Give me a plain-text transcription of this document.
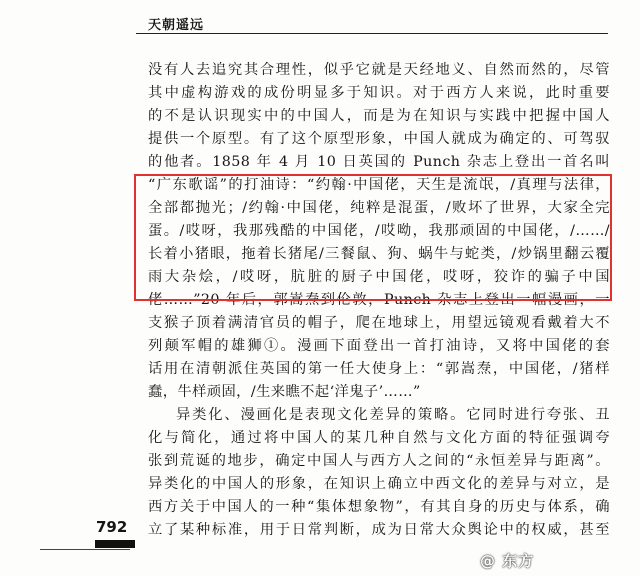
天朝遥远
没有人去追究其合理性，似乎它就是天经地义、自然而然的，尽管
其中虚构游戏的成份明显多于知识。对于西方人来说，此时重要
的不是认识现实中的中国人，而是为在知识与实践中把握中国人
提供一个原型。有了这个原型形象，中国人就成为确定的、可驾驭
的他者。1858 年 4 月 10 日英国的 Punch 杂志上登出一首名叫
“广东歌谣”的打油诗：“约翰·中国佬，天生是流氓，/真理与法律，
全部都抛光；/约翰·中国佬，纯粹是混蛋，/败坏了世界，大家全完
蛋。/哎呀，我那残酷的中国佬，/哎呦，我那顽固的中国佬，/……/
长着小猪眼，拖着长猪尾/三餐鼠、狗、蜗牛与蛇类，/炒锅里翻云覆
雨大杂烩，/哎呀，肮脏的厨子中国佬，哎呀，狡诈的骗子中国
佬……”20 年后，郭嵩焘到伦敦，Punch 杂志上登出一幅漫画，一
支猴子顶着满清官员的帽子，爬在地球上，用望远镜观看戴着大不
列颠军帽的雄狮①。漫画下面登出一首打油诗，又将中国佬的套
话用在清朝派住英国的第一任大使身上：“郭嵩焘，中国佬，/猪样
蠢，牛样顽固，/生来瞧不起‘洋鬼子’……”
异类化、漫画化是表现文化差异的策略。它同时进行夸张、丑
化与简化，通过将中国人的某几种自然与文化方面的特征强调夸
张到荒诞的地步，确定中国人与西方人之间的“永恒差异与距离”。
异类化的中国人的形象，在知识上确立中西文化的差异与对立，是
西方关于中国人的一种“集体想象物”，有其自身的历史与体系，确
立了某种标准，用于日常判断，成为日常大众舆论中的权威，甚至
792
@ 东方
